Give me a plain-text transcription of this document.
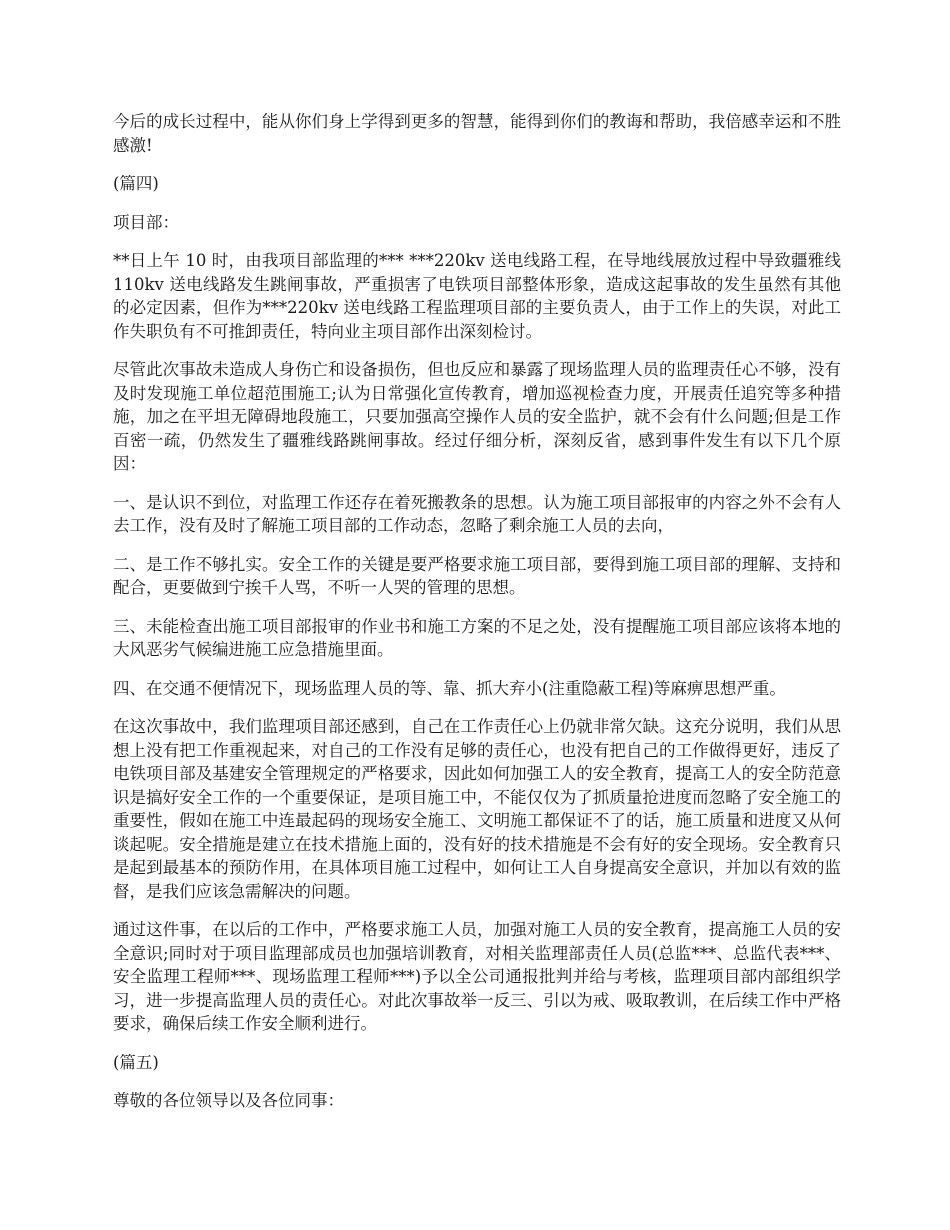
今后的成长过程中，能从你们身上学得到更多的智慧，能得到你们的教诲和帮助，我倍感幸运和不胜感激!

(篇四)

项目部：

**日上午 10 时，由我项目部监理的*** ***220kv 送电线路工程，在导地线展放过程中导致疆雅线 110kv 送电线路发生跳闸事故，严重损害了电铁项目部整体形象，造成这起事故的发生虽然有其他的必定因素，但作为***220kv 送电线路工程监理项目部的主要负责人，由于工作上的失误，对此工作失职负有不可推卸责任，特向业主项目部作出深刻检讨。

尽管此次事故未造成人身伤亡和设备损伤，但也反应和暴露了现场监理人员的监理责任心不够，没有及时发现施工单位超范围施工;认为日常强化宣传教育，增加巡视检查力度，开展责任追究等多种措施，加之在平坦无障碍地段施工，只要加强高空操作人员的安全监护，就不会有什么问题;但是工作百密一疏，仍然发生了疆雅线路跳闸事故。经过仔细分析，深刻反省，感到事件发生有以下几个原因：

一、是认识不到位，对监理工作还存在着死搬教条的思想。认为施工项目部报审的内容之外不会有人去工作，没有及时了解施工项目部的工作动态，忽略了剩余施工人员的去向，

二、是工作不够扎实。安全工作的关键是要严格要求施工项目部，要得到施工项目部的理解、支持和配合，更要做到宁挨千人骂，不听一人哭的管理的思想。

三、未能检查出施工项目部报审的作业书和施工方案的不足之处，没有提醒施工项目部应该将本地的大风恶劣气候编进施工应急措施里面。

四、在交通不便情况下，现场监理人员的等、靠、抓大弃小(注重隐蔽工程)等麻痹思想严重。

在这次事故中，我们监理项目部还感到，自己在工作责任心上仍就非常欠缺。这充分说明，我们从思想上没有把工作重视起来，对自己的工作没有足够的责任心，也没有把自己的工作做得更好，违反了电铁项目部及基建安全管理规定的严格要求，因此如何加强工人的安全教育，提高工人的安全防范意识是搞好安全工作的一个重要保证，是项目施工中，不能仅仅为了抓质量抢进度而忽略了安全施工的重要性，假如在施工中连最起码的现场安全施工、文明施工都保证不了的话，施工质量和进度又从何谈起呢。安全措施是建立在技术措施上面的，没有好的技术措施是不会有好的安全现场。安全教育只是起到最基本的预防作用，在具体项目施工过程中，如何让工人自身提高安全意识，并加以有效的监督，是我们应该急需解决的问题。

通过这件事，在以后的工作中，严格要求施工人员，加强对施工人员的安全教育，提高施工人员的安全意识;同时对于项目监理部成员也加强培训教育，对相关监理部责任人员(总监***、总监代表***、安全监理工程师***、现场监理工程师***)予以全公司通报批判并给与考核，监理项目部内部组织学习，进一步提高监理人员的责任心。对此次事故举一反三、引以为戒、吸取教训，在后续工作中严格要求，确保后续工作安全顺利进行。

(篇五)

尊敬的各位领导以及各位同事：
